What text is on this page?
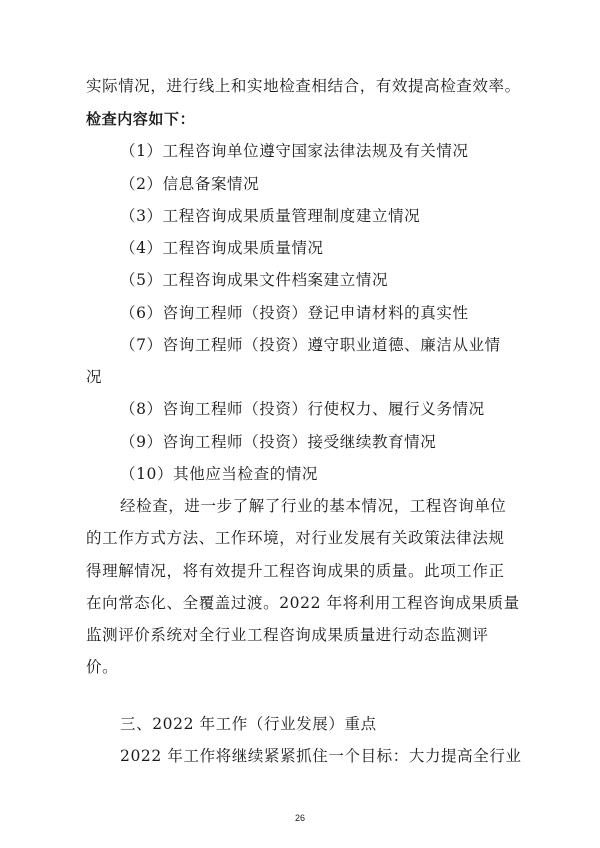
实际情况，进行线上和实地检查相结合，有效提高检查效率。
检查内容如下：
（1）工程咨询单位遵守国家法律法规及有关情况
（2）信息备案情况
（3）工程咨询成果质量管理制度建立情况
（4）工程咨询成果质量情况
（5）工程咨询成果文件档案建立情况
（6）咨询工程师（投资）登记申请材料的真实性
（7）咨询工程师（投资）遵守职业道德、廉洁从业情
况
（8）咨询工程师（投资）行使权力、履行义务情况
（9）咨询工程师（投资）接受继续教育情况
（10）其他应当检查的情况
经检查，进一步了解了行业的基本情况，工程咨询单位
的工作方式方法、工作环境，对行业发展有关政策法律法规
得理解情况，将有效提升工程咨询成果的质量。此项工作正
在向常态化、全覆盖过渡。2022 年将利用工程咨询成果质量
监测评价系统对全行业工程咨询成果质量进行动态监测评
价。
三、2022 年工作（行业发展）重点
2022 年工作将继续紧紧抓住一个目标：大力提高全行业
26
